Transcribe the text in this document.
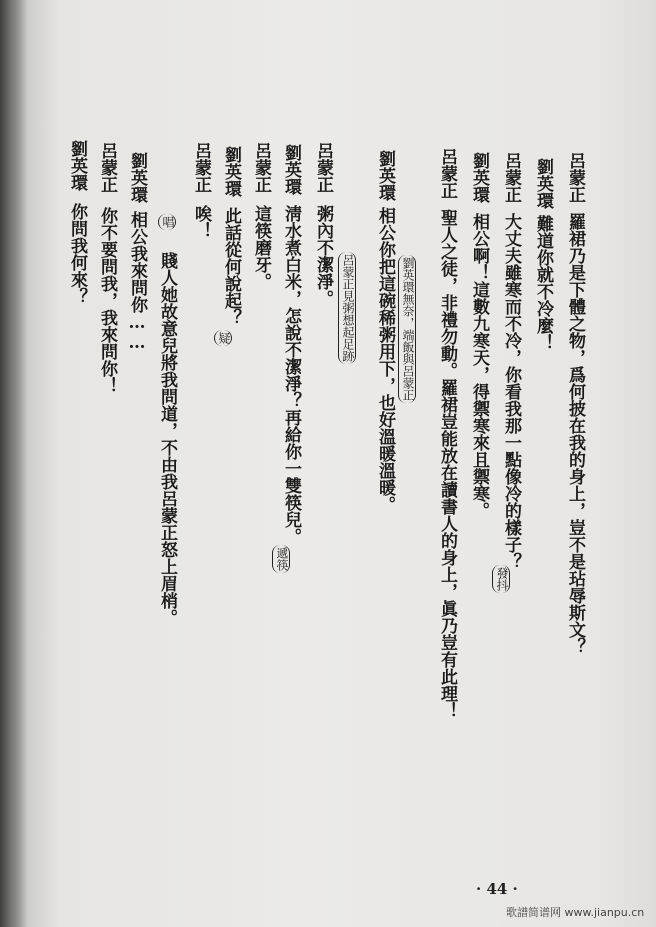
呂蒙正羅裙乃是下體之物，爲何披在我的身上，豈不是玷辱斯文？
劉英環難道你就不冷麼！
呂蒙正大丈夫雖寒而不冷，你看我那一點像冷的樣子？
發抖
劉英環相公啊！這數九寒天，得禦寒來且禦寒。
呂蒙正聖人之徒，非禮勿動。羅裙豈能放在讀書人的身上，眞乃豈有此理！
劉英環無奈，端飯與呂蒙正
劉英環相公你把這碗稀粥用下，也好溫暖溫暖。
呂蒙正見粥想起足跡
呂蒙正粥內不潔淨。
劉英環淸水煮白米，怎說不潔淨？再給你一雙筷兒。
遞筷
呂蒙正這筷磨牙。
劉英環此話從何說起？
疑
呂蒙正唉！
唱
賤人她故意兒將我問道，不由我呂蒙正怒上眉梢。
劉英環相公我來問你……
呂蒙正你不要問我，我來問你！
劉英環你問我何來？
· 44 ·
歌譜简谱网 www.jianpu.cn
